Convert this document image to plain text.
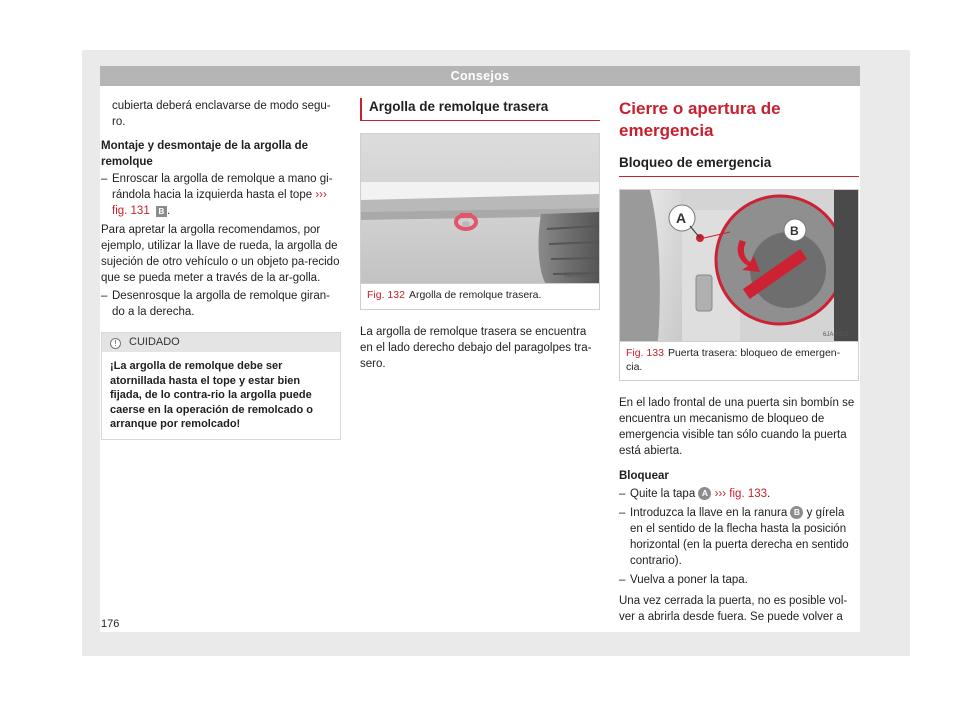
Consejos

cubierta deberá enclavarse de modo segu-
ro.

Montaje y desmontaje de la argolla de remolque

– Enroscar la argolla de remolque a mano gi-rándola hacia la izquierda hasta el tope ››› fig. 131 B .

Para apretar la argolla recomendamos, por ejemplo, utilizar la llave de rueda, la argolla de sujeción de otro vehículo o un objeto pa-recido que se pueda meter a través de la ar-golla.

– Desenrosque la argolla de remolque giran-do a la derecha.
! CUIDADO
¡La argolla de remolque debe ser atornillada hasta el tope y estar bien fijada, de lo contra-rio la argolla puede caerse en la operación de remolcado o arranque por remolcado!
Argolla de remolque trasera
6JA-0099
Fig. 132 Argolla de remolque trasera.

La argolla de remolque trasera se encuentra en el lado derecho debajo del paragolpes tra-sero.

Cierre o apertura de emergencia
Bloqueo de emergencia
A
B
6JA-0128
Fig. 133 Puerta trasera: bloqueo de emergen-cia.

En el lado frontal de una puerta sin bombín se encuentra un mecanismo de bloqueo de emergencia visible tan sólo cuando la puerta está abierta.

Bloquear

– Quite la tapa A ››› fig. 133.
– Introduzca la llave en la ranura B y gírela en el sentido de la flecha hasta la posición horizontal (en la puerta derecha en sentido contrario).
– Vuelva a poner la tapa.

Una vez cerrada la puerta, no es posible vol-ver a abrirla desde fuera. Se puede volver a

176
